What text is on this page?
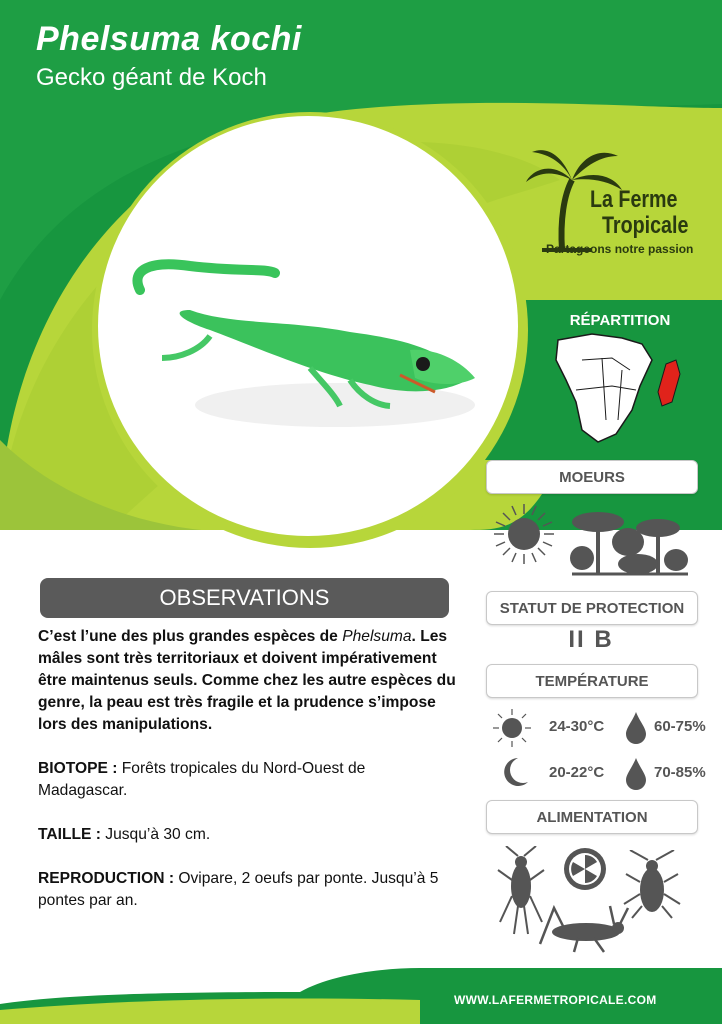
Phelsuma kochi
Gecko géant de Koch
La Ferme
Tropicale
Partageons notre passion
RÉPARTITION
MOEURS
STATUT DE PROTECTION
II B
TEMPÉRATURE
24-30°C	60-75%
20-22°C	70-85%
ALIMENTATION
OBSERVATIONS

C’est l’une des plus grandes espèces de Phelsuma. Les mâles sont très territoriaux et doivent impérativement être maintenus seuls. Comme chez les autre espèces du genre, la peau est très fragile et la prudence s’impose lors des manipulations.

BIOTOPE : Forêts tropicales du Nord-Ouest de Madagascar.

TAILLE : Jusqu’à 30 cm.

REPRODUCTION : Ovipare, 2 oeufs par ponte. Jusqu’à 5 pontes par an.

WWW.LAFERMETROPICALE.COM
